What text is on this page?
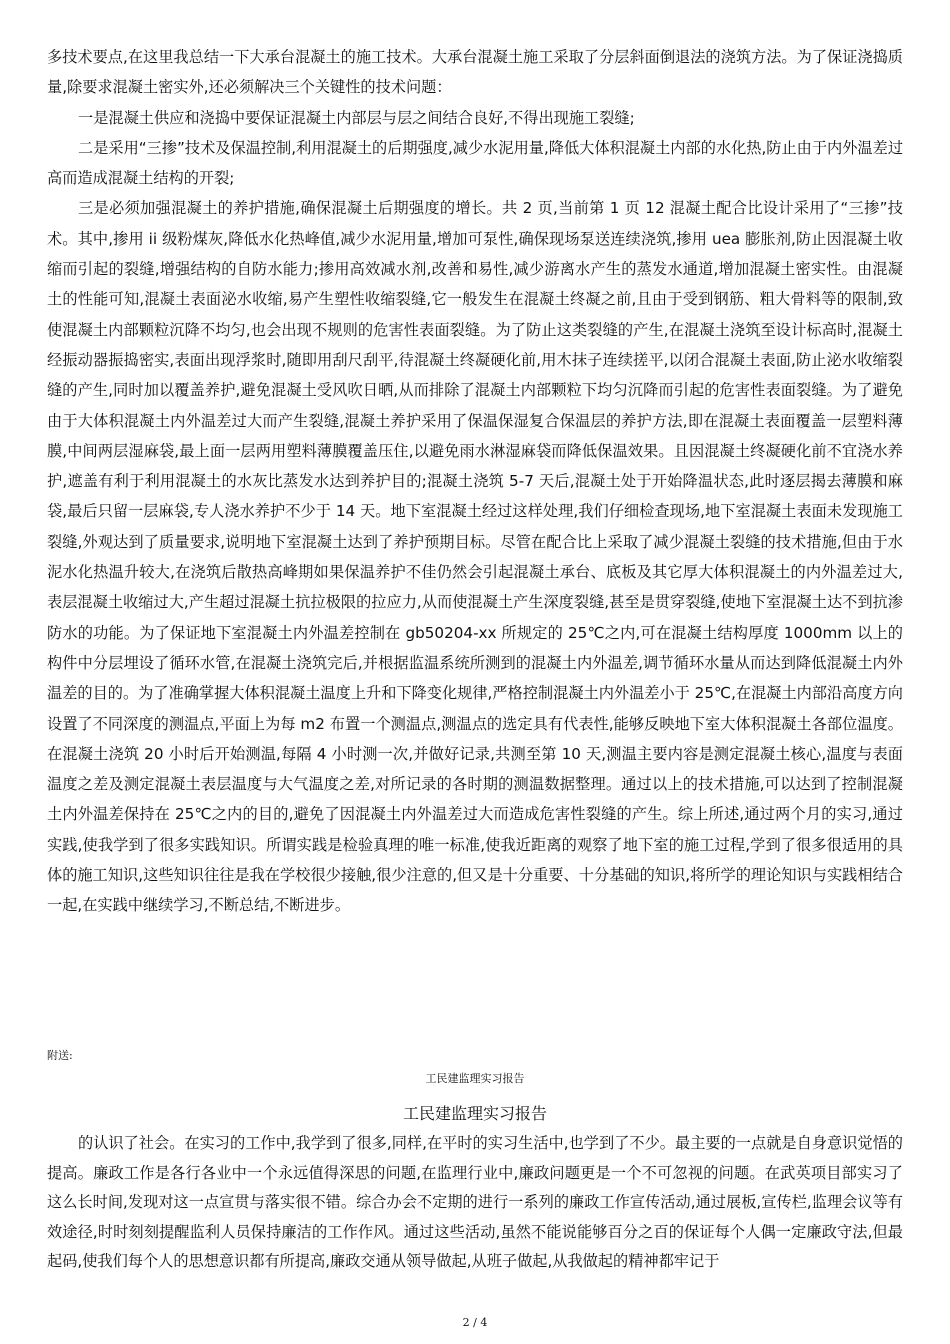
多技术要点,在这里我总结一下大承台混凝土的施工技术。大承台混凝土施工采取了分层斜面倒退法的浇筑方法。为了保证浇捣质量,除要求混凝土密实外,还必须解决三个关键性的技术问题：

一是混凝土供应和浇捣中要保证混凝土内部层与层之间结合良好,不得出现施工裂缝;

二是采用“三掺”技术及保温控制,利用混凝土的后期强度,减少水泥用量,降低大体积混凝土内部的水化热,防止由于内外温差过高而造成混凝土结构的开裂;

三是必须加强混凝土的养护措施,确保混凝土后期强度的增长。共 2 页,当前第 1 页 12 混凝土配合比设计采用了“三掺”技术。其中,掺用 ii 级粉煤灰,降低水化热峰值,减少水泥用量,增加可泵性,确保现场泵送连续浇筑,掺用 uea 膨胀剂,防止因混凝土收缩而引起的裂缝,增强结构的自防水能力;掺用高效减水剂,改善和易性,减少游离水产生的蒸发水通道,增加混凝土密实性。由混凝土的性能可知,混凝土表面泌水收缩,易产生塑性收缩裂缝,它一般发生在混凝土终凝之前,且由于受到钢筋、粗大骨料等的限制,致使混凝土内部颗粒沉降不均匀,也会出现不规则的危害性表面裂缝。为了防止这类裂缝的产生,在混凝土浇筑至设计标高时,混凝土经振动器振捣密实,表面出现浮浆时,随即用刮尺刮平,待混凝土终凝硬化前,用木抹子连续搓平,以闭合混凝土表面,防止泌水收缩裂缝的产生,同时加以覆盖养护,避免混凝土受风吹日晒,从而排除了混凝土内部颗粒下均匀沉降而引起的危害性表面裂缝。为了避免由于大体积混凝土内外温差过大而产生裂缝,混凝土养护采用了保温保湿复合保温层的养护方法,即在混凝土表面覆盖一层塑料薄膜,中间两层湿麻袋,最上面一层两用塑料薄膜覆盖压住,以避免雨水淋湿麻袋而降低保温效果。且因混凝土终凝硬化前不宜浇水养护,遮盖有利于利用混凝土的水灰比蒸发水达到养护目的;混凝土浇筑 5-7 天后,混凝土处于开始降温状态,此时逐层揭去薄膜和麻袋,最后只留一层麻袋,专人浇水养护不少于 14 天。地下室混凝土经过这样处理,我们仔细检查现场,地下室混凝土表面未发现施工裂缝,外观达到了质量要求,说明地下室混凝土达到了养护预期目标。尽管在配合比上采取了减少混凝土裂缝的技术措施,但由于水泥水化热温升较大,在浇筑后散热高峰期如果保温养护不佳仍然会引起混凝土承台、底板及其它厚大体积混凝土的内外温差过大,表层混凝土收缩过大,产生超过混凝土抗拉极限的拉应力,从而使混凝土产生深度裂缝,甚至是贯穿裂缝,使地下室混凝土达不到抗渗防水的功能。为了保证地下室混凝土内外温差控制在 gb50204-xx 所规定的 25℃之内,可在混凝土结构厚度 1000mm 以上的构件中分层埋设了循环水管,在混凝土浇筑完后,并根据监温系统所测到的混凝土内外温差,调节循环水量从而达到降低混凝土内外温差的目的。为了准确掌握大体积混凝土温度上升和下降变化规律,严格控制混凝土内外温差小于 25℃,在混凝土内部沿高度方向设置了不同深度的测温点,平面上为每 m2 布置一个测温点,测温点的选定具有代表性,能够反映地下室大体积混凝土各部位温度。在混凝土浇筑 20 小时后开始测温,每隔 4 小时测一次,并做好记录,共测至第 10 天,测温主要内容是测定混凝土核心,温度与表面温度之差及测定混凝土表层温度与大气温度之差,对所记录的各时期的测温数据整理。通过以上的技术措施,可以达到了控制混凝土内外温差保持在 25℃之内的目的,避免了因混凝土内外温差过大而造成危害性裂缝的产生。综上所述,通过两个月的实习,通过实践,使我学到了很多实践知识。所谓实践是检验真理的唯一标准,使我近距离的观察了地下室的施工过程,学到了很多很适用的具体的施工知识,这些知识往往是我在学校很少接触,很少注意的,但又是十分重要、十分基础的知识,将所学的理论知识与实践相结合一起,在实践中继续学习,不断总结,不断进步。

附送:
工民建监理实习报告
工民建监理实习报告

的认识了社会。在实习的工作中,我学到了很多,同样,在平时的实习生活中,也学到了不少。最主要的一点就是自身意识觉悟的提高。廉政工作是各行各业中一个永远值得深思的问题,在监理行业中,廉政问题更是一个不可忽视的问题。在武英项目部实习了这么长时间,发现对这一点宣贯与落实很不错。综合办会不定期的进行一系列的廉政工作宣传活动,通过展板,宣传栏,监理会议等有效途径,时时刻刻提醒监利人员保持廉洁的工作作风。通过这些活动,虽然不能说能够百分之百的保证每个人偶一定廉政守法,但最起码,使我们每个人的思想意识都有所提高,廉政交通从领导做起,从班子做起,从我做起的精神都牢记于

2 / 4
